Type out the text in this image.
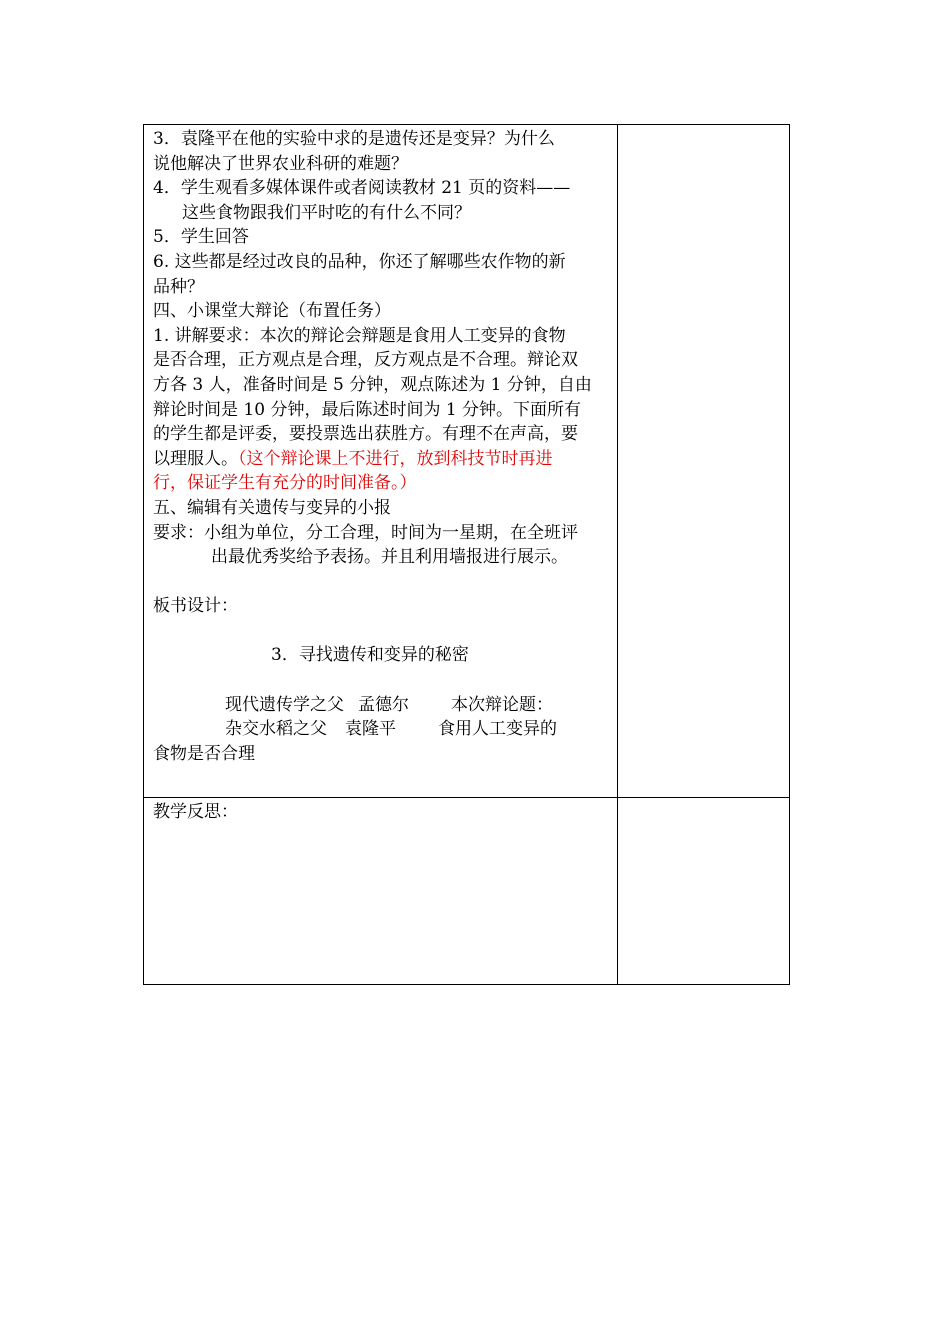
3．袁隆平在他的实验中求的是遗传还是变异？为什么

说他解决了世界农业科研的难题？

4．学生观看多媒体课件或者阅读教材 21 页的资料——

这些食物跟我们平时吃的有什么不同？

5．学生回答

6. 这些都是经过改良的品种，你还了解哪些农作物的新

品种？

四、小课堂大辩论（布置任务）

1. 讲解要求：本次的辩论会辩题是食用人工变异的食物

是否合理，正方观点是合理，反方观点是不合理。辩论双

方各 3 人，准备时间是 5 分钟，观点陈述为 1 分钟，自由

辩论时间是 10 分钟，最后陈述时间为 1 分钟。下面所有

的学生都是评委，要投票选出获胜方。有理不在声高，要

以理服人。（这个辩论课上不进行，放到科技节时再进

行，保证学生有充分的时间准备。）

五、编辑有关遗传与变异的小报

要求：小组为单位，分工合理，时间为一星期，在全班评

出最优秀奖给予表扬。并且利用墙报进行展示。

板书设计：

3．寻找遗传和变异的秘密

现代遗传学之父 孟德尔 本次辩论题：

杂交水稻之父 袁隆平 食用人工变异的

食物是否合理

教学反思：
